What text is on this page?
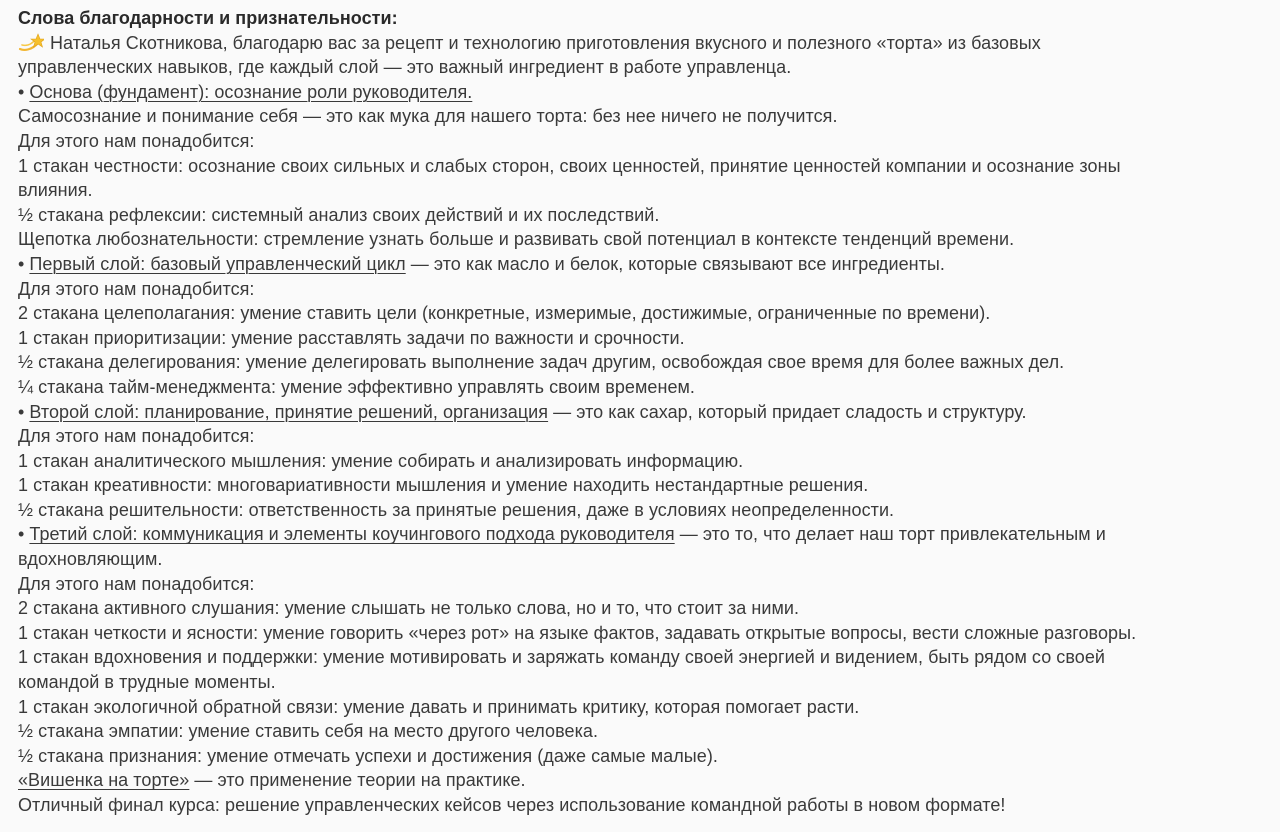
Слова благодарности и признательности:
Наталья Скотникова, благодарю вас за рецепт и технологию приготовления вкусного и полезного «торта» из базовых
управленческих навыков, где каждый слой — это важный ингредиент в работе управленца.
• Основа (фундамент): осознание роли руководителя.
Самосознание и понимание себя — это как мука для нашего торта: без нее ничего не получится.
Для этого нам понадобится:
1 стакан честности: осознание своих сильных и слабых сторон, своих ценностей, принятие ценностей компании и осознание зоны
влияния.
½ стакана рефлексии: системный анализ своих действий и их последствий.
Щепотка любознательности: стремление узнать больше и развивать свой потенциал в контексте тенденций времени.
• Первый слой: базовый управленческий цикл — это как масло и белок, которые связывают все ингредиенты.
Для этого нам понадобится:
2 стакана целеполагания: умение ставить цели (конкретные, измеримые, достижимые, ограниченные по времени).
1 стакан приоритизации: умение расставлять задачи по важности и срочности.
½ стакана делегирования: умение делегировать выполнение задач другим, освобождая свое время для более важных дел.
¼ стакана тайм-менеджмента: умение эффективно управлять своим временем.
• Второй слой: планирование, принятие решений, организация — это как сахар, который придает сладость и структуру.
Для этого нам понадобится:
1 стакан аналитического мышления: умение собирать и анализировать информацию.
1 стакан креативности: многовариативности мышления и умение находить нестандартные решения.
½ стакана решительности: ответственность за принятые решения, даже в условиях неопределенности.
• Третий слой: коммуникация и элементы коучингового подхода руководителя — это то, что делает наш торт привлекательным и
вдохновляющим.
Для этого нам понадобится:
2 стакана активного слушания: умение слышать не только слова, но и то, что стоит за ними.
1 стакан четкости и ясности: умение говорить «через рот» на языке фактов, задавать открытые вопросы, вести сложные разговоры.
1 стакан вдохновения и поддержки: умение мотивировать и заряжать команду своей энергией и видением, быть рядом со своей
командой в трудные моменты.
1 стакан экологичной обратной связи: умение давать и принимать критику, которая помогает расти.
½ стакана эмпатии: умение ставить себя на место другого человека.
½ стакана признания: умение отмечать успехи и достижения (даже самые малые).
«Вишенка на торте» — это применение теории на практике.
Отличный финал курса: решение управленческих кейсов через использование командной работы в новом формате!
